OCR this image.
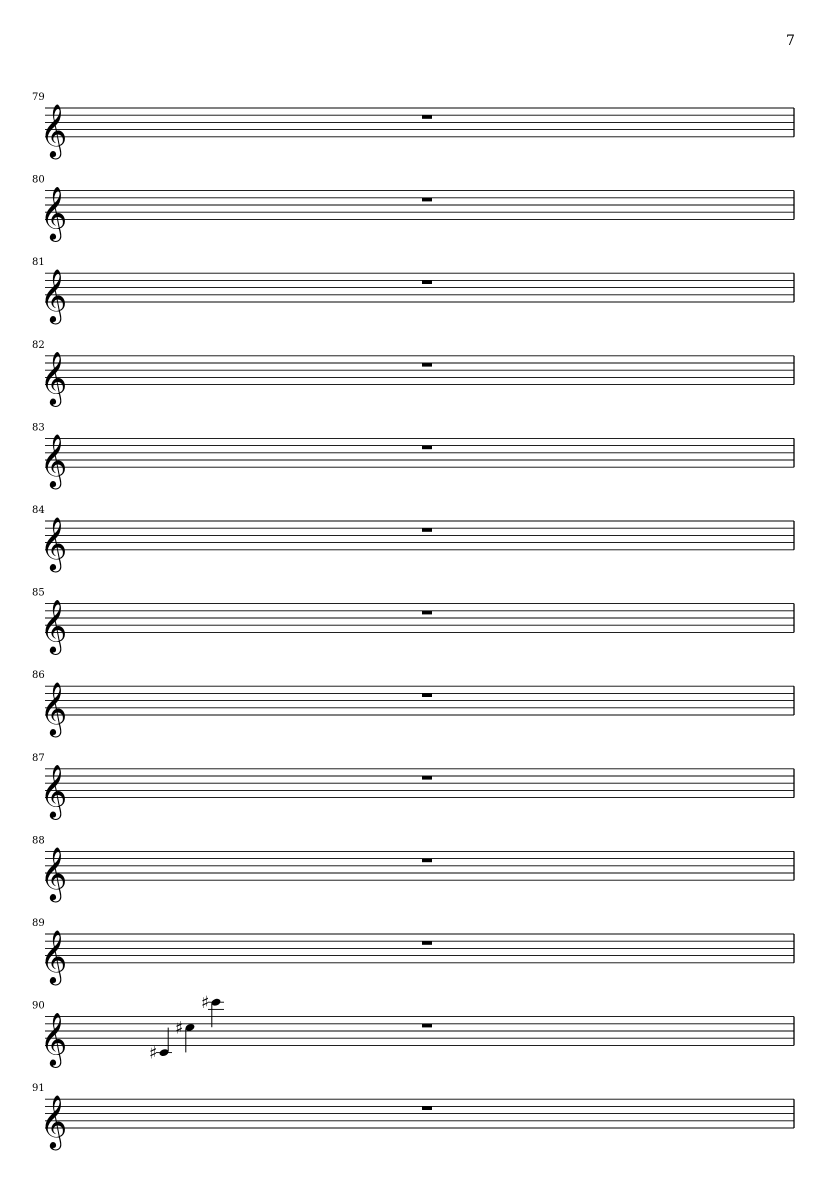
7
79
𝄞
80
𝄞
81
𝄞
82
𝄞
83
𝄞
84
𝄞
85
𝄞
86
𝄞
87
𝄞
88
𝄞
89
𝄞
90
𝄞	♯
♯
♯
91
𝄞
